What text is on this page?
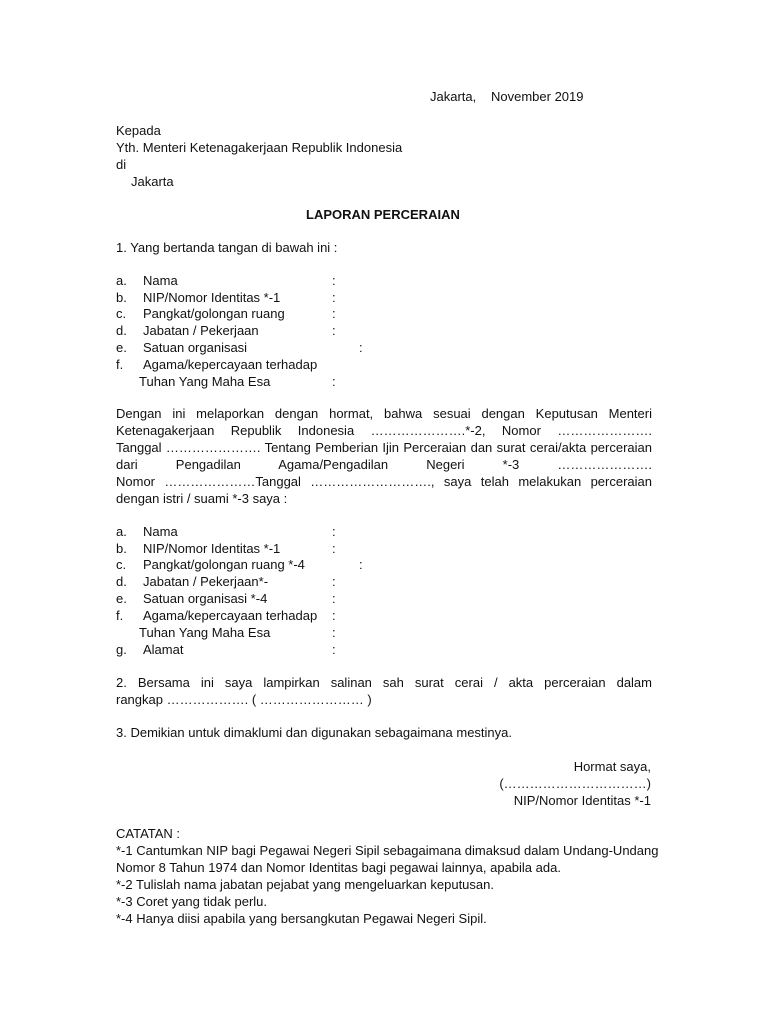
Jakarta, November 2019
Kepada
Yth. Menteri Ketenagakerjaan Republik Indonesia
di
Jakarta
LAPORAN PERCERAIAN
1. Yang bertanda tangan di bawah ini :
a. Nama	:
b. NIP/Nomor Identitas *-1	:
c. Pangkat/golongan ruang	:
d. Jabatan / Pekerjaan	:
e. Satuan organisasi	:
f. Agama/kepercayaan terhadap
Tuhan Yang Maha Esa	:
Dengan ini melaporkan dengan hormat, bahwa sesuai dengan Keputusan Menteri
Ketenagakerjaan Republik Indonesia ………………….*-2, Nomor ………………….
Tanggal …………………. Tentang Pemberian Ijin Perceraian dan surat cerai/akta perceraian
dari Pengadilan Agama/Pengadilan Negeri *-3 ………………….
Nomor …………………Tanggal ………………………., saya telah melakukan perceraian
dengan istri / suami *-3 saya :
a. Nama	:
b. NIP/Nomor Identitas *-1	:
c. Pangkat/golongan ruang *-4	:
d. Jabatan / Pekerjaan*-	:
e. Satuan organisasi *-4	:
f. Agama/kepercayaan terhadap :
Tuhan Yang Maha Esa	:
g. Alamat	:
2. Bersama ini saya lampirkan salinan sah surat cerai / akta perceraian dalam
rangkap ………………. ( …………………… )
3. Demikian untuk dimaklumi dan digunakan sebagaimana mestinya.
Hormat saya,
(……………………………)
NIP/Nomor Identitas *-1
CATATAN :
*-1 Cantumkan NIP bagi Pegawai Negeri Sipil sebagaimana dimaksud dalam Undang-Undang
Nomor 8 Tahun 1974 dan Nomor Identitas bagi pegawai lainnya, apabila ada.
*-2 Tulislah nama jabatan pejabat yang mengeluarkan keputusan.
*-3 Coret yang tidak perlu.
*-4 Hanya diisi apabila yang bersangkutan Pegawai Negeri Sipil.
